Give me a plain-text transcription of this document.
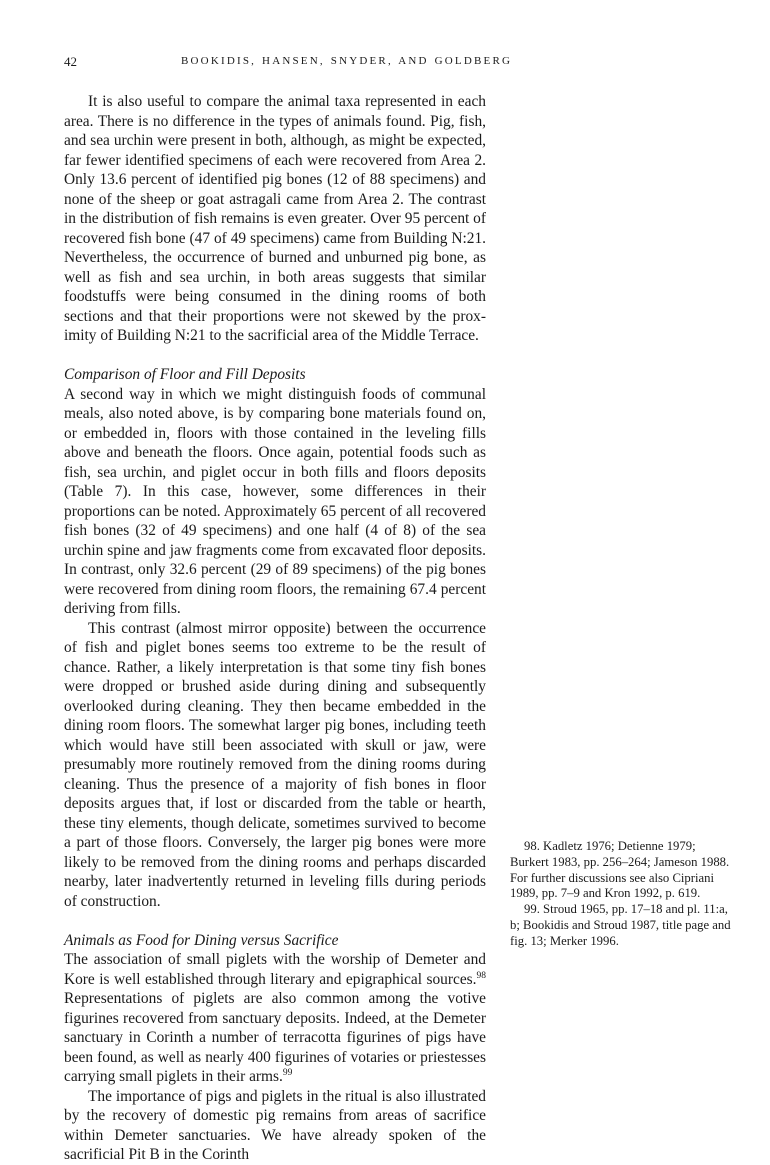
42	BOOKIDIS, HANSEN, SNYDER, AND GOLDBERG

It is also useful to compare the animal taxa represented in each area. There is no difference in the types of animals found. Pig, fish, and sea urchin were present in both, although, as might be expected, far fewer identified specimens of each were recovered from Area 2. Only 13.6 percent of identified pig bones (12 of 88 specimens) and none of the sheep or goat astragali came from Area 2. The contrast in the distribution of fish remains is even greater. Over 95 percent of recovered fish bone (47 of 49 specimens) came from Building N:21. Nevertheless, the occurrence of burned and unburned pig bone, as well as fish and sea urchin, in both areas suggests that similar foodstuffs were being consumed in the dining rooms of both sections and that their proportions were not skewed by the proximity of Building N:21 to the sacrificial area of the Middle Terrace.

Comparison of Floor and Fill Deposits

A second way in which we might distinguish foods of communal meals, also noted above, is by comparing bone materials found on, or embedded in, floors with those contained in the leveling fills above and beneath the floors. Once again, potential foods such as fish, sea urchin, and piglet occur in both fills and floors deposits (Table 7). In this case, however, some differences in their proportions can be noted. Approximately 65 percent of all recovered fish bones (32 of 49 specimens) and one half (4 of 8) of the sea urchin spine and jaw fragments come from excavated floor deposits. In contrast, only 32.6 percent (29 of 89 specimens) of the pig bones were recovered from dining room floors, the remaining 67.4 percent deriving from fills.

This contrast (almost mirror opposite) between the occurrence of fish and piglet bones seems too extreme to be the result of chance. Rather, a likely interpretation is that some tiny fish bones were dropped or brushed aside during dining and subsequently overlooked during cleaning. They then became embedded in the dining room floors. The somewhat larger pig bones, including teeth which would have still been associated with skull or jaw, were presumably more routinely removed from the dining rooms during cleaning. Thus the presence of a majority of fish bones in floor deposits argues that, if lost or discarded from the table or hearth, these tiny elements, though delicate, sometimes survived to become a part of those floors. Conversely, the larger pig bones were more likely to be removed from the dining rooms and perhaps discarded nearby, later inadvertently returned in leveling fills during periods of construction.

Animals as Food for Dining versus Sacrifice

The association of small piglets with the worship of Demeter and Kore is well established through literary and epigraphical sources.$^{98}$ Representations of piglets are also common among the votive figurines recovered from sanctuary deposits. Indeed, at the Demeter sanctuary in Corinth a number of terracotta figurines of pigs have been found, as well as nearly 400 figurines of votaries or priestesses carrying small piglets in their arms.$^{99}$

The importance of pigs and piglets in the ritual is also illustrated by the recovery of domestic pig remains from areas of sacrifice within Demeter sanctuaries. We have already spoken of the sacrificial Pit B in the Corinth

98. Kadletz 1976; Detienne 1979; Burkert 1983, pp. 256–264; Jameson 1988. For further discussions see also Cipriani 1989, pp. 7–9 and Kron 1992, p. 619.

99. Stroud 1965, pp. 17–18 and pl. 11:a, b; Bookidis and Stroud 1987, title page and fig. 13; Merker 1996.
